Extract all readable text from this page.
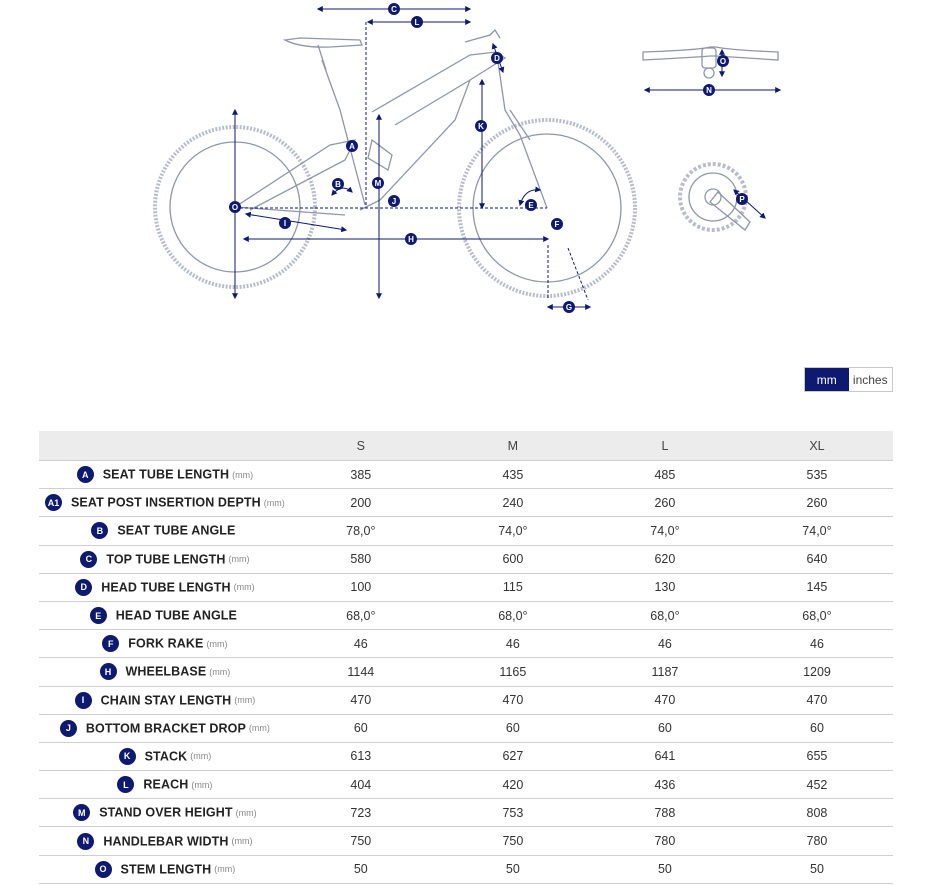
C
L
D
A
K
B	M
J
O
I
H
E
F
G
O
N
P
mm	inches
	S	M	L	XL
A SEAT TUBE LENGTH (mm)	385	435	485	535
A1 SEAT POST INSERTION DEPTH (mm)	200	240	260	260
B SEAT TUBE ANGLE	78,0°	74,0°	74,0°	74,0°
C TOP TUBE LENGTH (mm)	580	600	620	640
D HEAD TUBE LENGTH (mm)	100	115	130	145
E HEAD TUBE ANGLE	68,0°	68,0°	68,0°	68,0°
F FORK RAKE (mm)	46	46	46	46
H WHEELBASE (mm)	1144	1165	1187	1209
I CHAIN STAY LENGTH (mm)	470	470	470	470
J BOTTOM BRACKET DROP (mm)	60	60	60	60
K STACK (mm)	613	627	641	655
L REACH (mm)	404	420	436	452
M STAND OVER HEIGHT (mm)	723	753	788	808
N HANDLEBAR WIDTH (mm)	750	750	780	780
O STEM LENGTH (mm)	50	50	50	50
